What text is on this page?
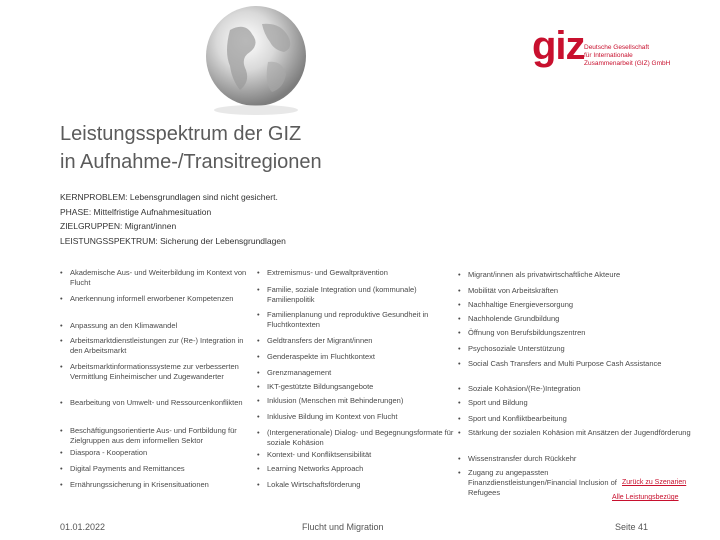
giz Deutsche Gesellschaft
für Internationale
Zusammenarbeit (GIZ) GmbH
Leistungsspektrum der GIZ
in Aufnahme-/Transitregionen
KERNPROBLEM: Lebensgrundlagen sind nicht gesichert.
PHASE: Mittelfristige Aufnahmesituation
ZIELGRUPPEN: Migrant/innen
LEISTUNGSSPEKTRUM: Sicherung der Lebensgrundlagen
• Akademische Aus- und Weiterbildung im Kontext von Flucht
• Anerkennung informell erworbener Kompetenzen
• Anpassung an den Klimawandel
• Arbeitsmarktdienstleistungen zur (Re-) Integration in den Arbeitsmarkt
• Arbeitsmarktinformationssysteme zur verbesserten Vermittlung Einheimischer und Zugewanderter
• Bearbeitung von Umwelt- und Ressourcenkonflikten
• Beschäftigungsorientierte Aus- und Fortbildung für Zielgruppen aus dem informellen Sektor
• Diaspora - Kooperation
• Digital Payments and Remittances
• Ernährungssicherung in Krisensituationen
• Extremismus- und Gewaltprävention
• Familie, soziale Integration und (kommunale) Familienpolitik
• Familienplanung und reproduktive Gesundheit in Fluchtkontexten
• Geldtransfers der Migrant/innen
• Genderaspekte im Fluchtkontext
• Grenzmanagement
• IKT-gestützte Bildungsangebote
• Inklusion (Menschen mit Behinderungen)
• Inklusive Bildung im Kontext von Flucht
• (Intergenerationale) Dialog- und Begegnungsformate für soziale Kohäsion
• Kontext- und Konfliktsensibilität
• Learning Networks Approach
• Lokale Wirtschaftsförderung
• Migrant/innen als privatwirtschaftliche Akteure
• Mobilität von Arbeitskräften
• Nachhaltige Energieversorgung
• Nachholende Grundbildung
• Öffnung von Berufsbildungszentren
• Psychosoziale Unterstützung
• Social Cash Transfers and Multi Purpose Cash Assistance
• Soziale Kohäsion/(Re-)Integration
• Sport und Bildung
• Sport und Konfliktbearbeitung
• Stärkung der sozialen Kohäsion mit Ansätzen der Jugendförderung
• Wissenstransfer durch Rückkehr
• Zugang zu angepassten Finanzdienstleistungen/Financial Inclusion of Refugees
Zurück zu Szenarien
Alle Leistungsbezüge
01.01.2022	Flucht und Migration	Seite 41
